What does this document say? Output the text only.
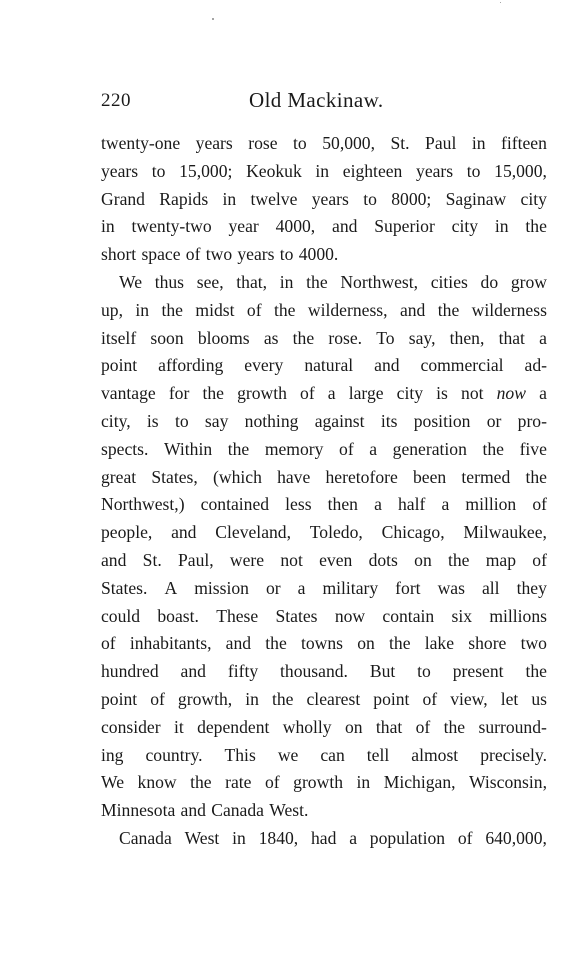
220	Old Mackinaw.
twenty-one years rose to 50,000, St. Paul in fifteen
years to 15,000; Keokuk in eighteen years to 15,000,
Grand Rapids in twelve years to 8000; Saginaw city
in twenty-two year 4000, and Superior city in the
short space of two years to 4000.
We thus see, that, in the Northwest, cities do grow
up, in the midst of the wilderness, and the wilderness
itself soon blooms as the rose. To say, then, that a
point affording every natural and commercial ad-
vantage for the growth of a large city is not now a
city, is to say nothing against its position or pro-
spects. Within the memory of a generation the five
great States, (which have heretofore been termed the
Northwest,) contained less then a half a million of
people, and Cleveland, Toledo, Chicago, Milwaukee,
and St. Paul, were not even dots on the map of
States. A mission or a military fort was all they
could boast. These States now contain six millions
of inhabitants, and the towns on the lake shore two
hundred and fifty thousand. But to present the
point of growth, in the clearest point of view, let us
consider it dependent wholly on that of the surround-
ing country. This we can tell almost precisely.
We know the rate of growth in Michigan, Wisconsin,
Minnesota and Canada West.
Canada West in 1840, had a population of 640,000,
